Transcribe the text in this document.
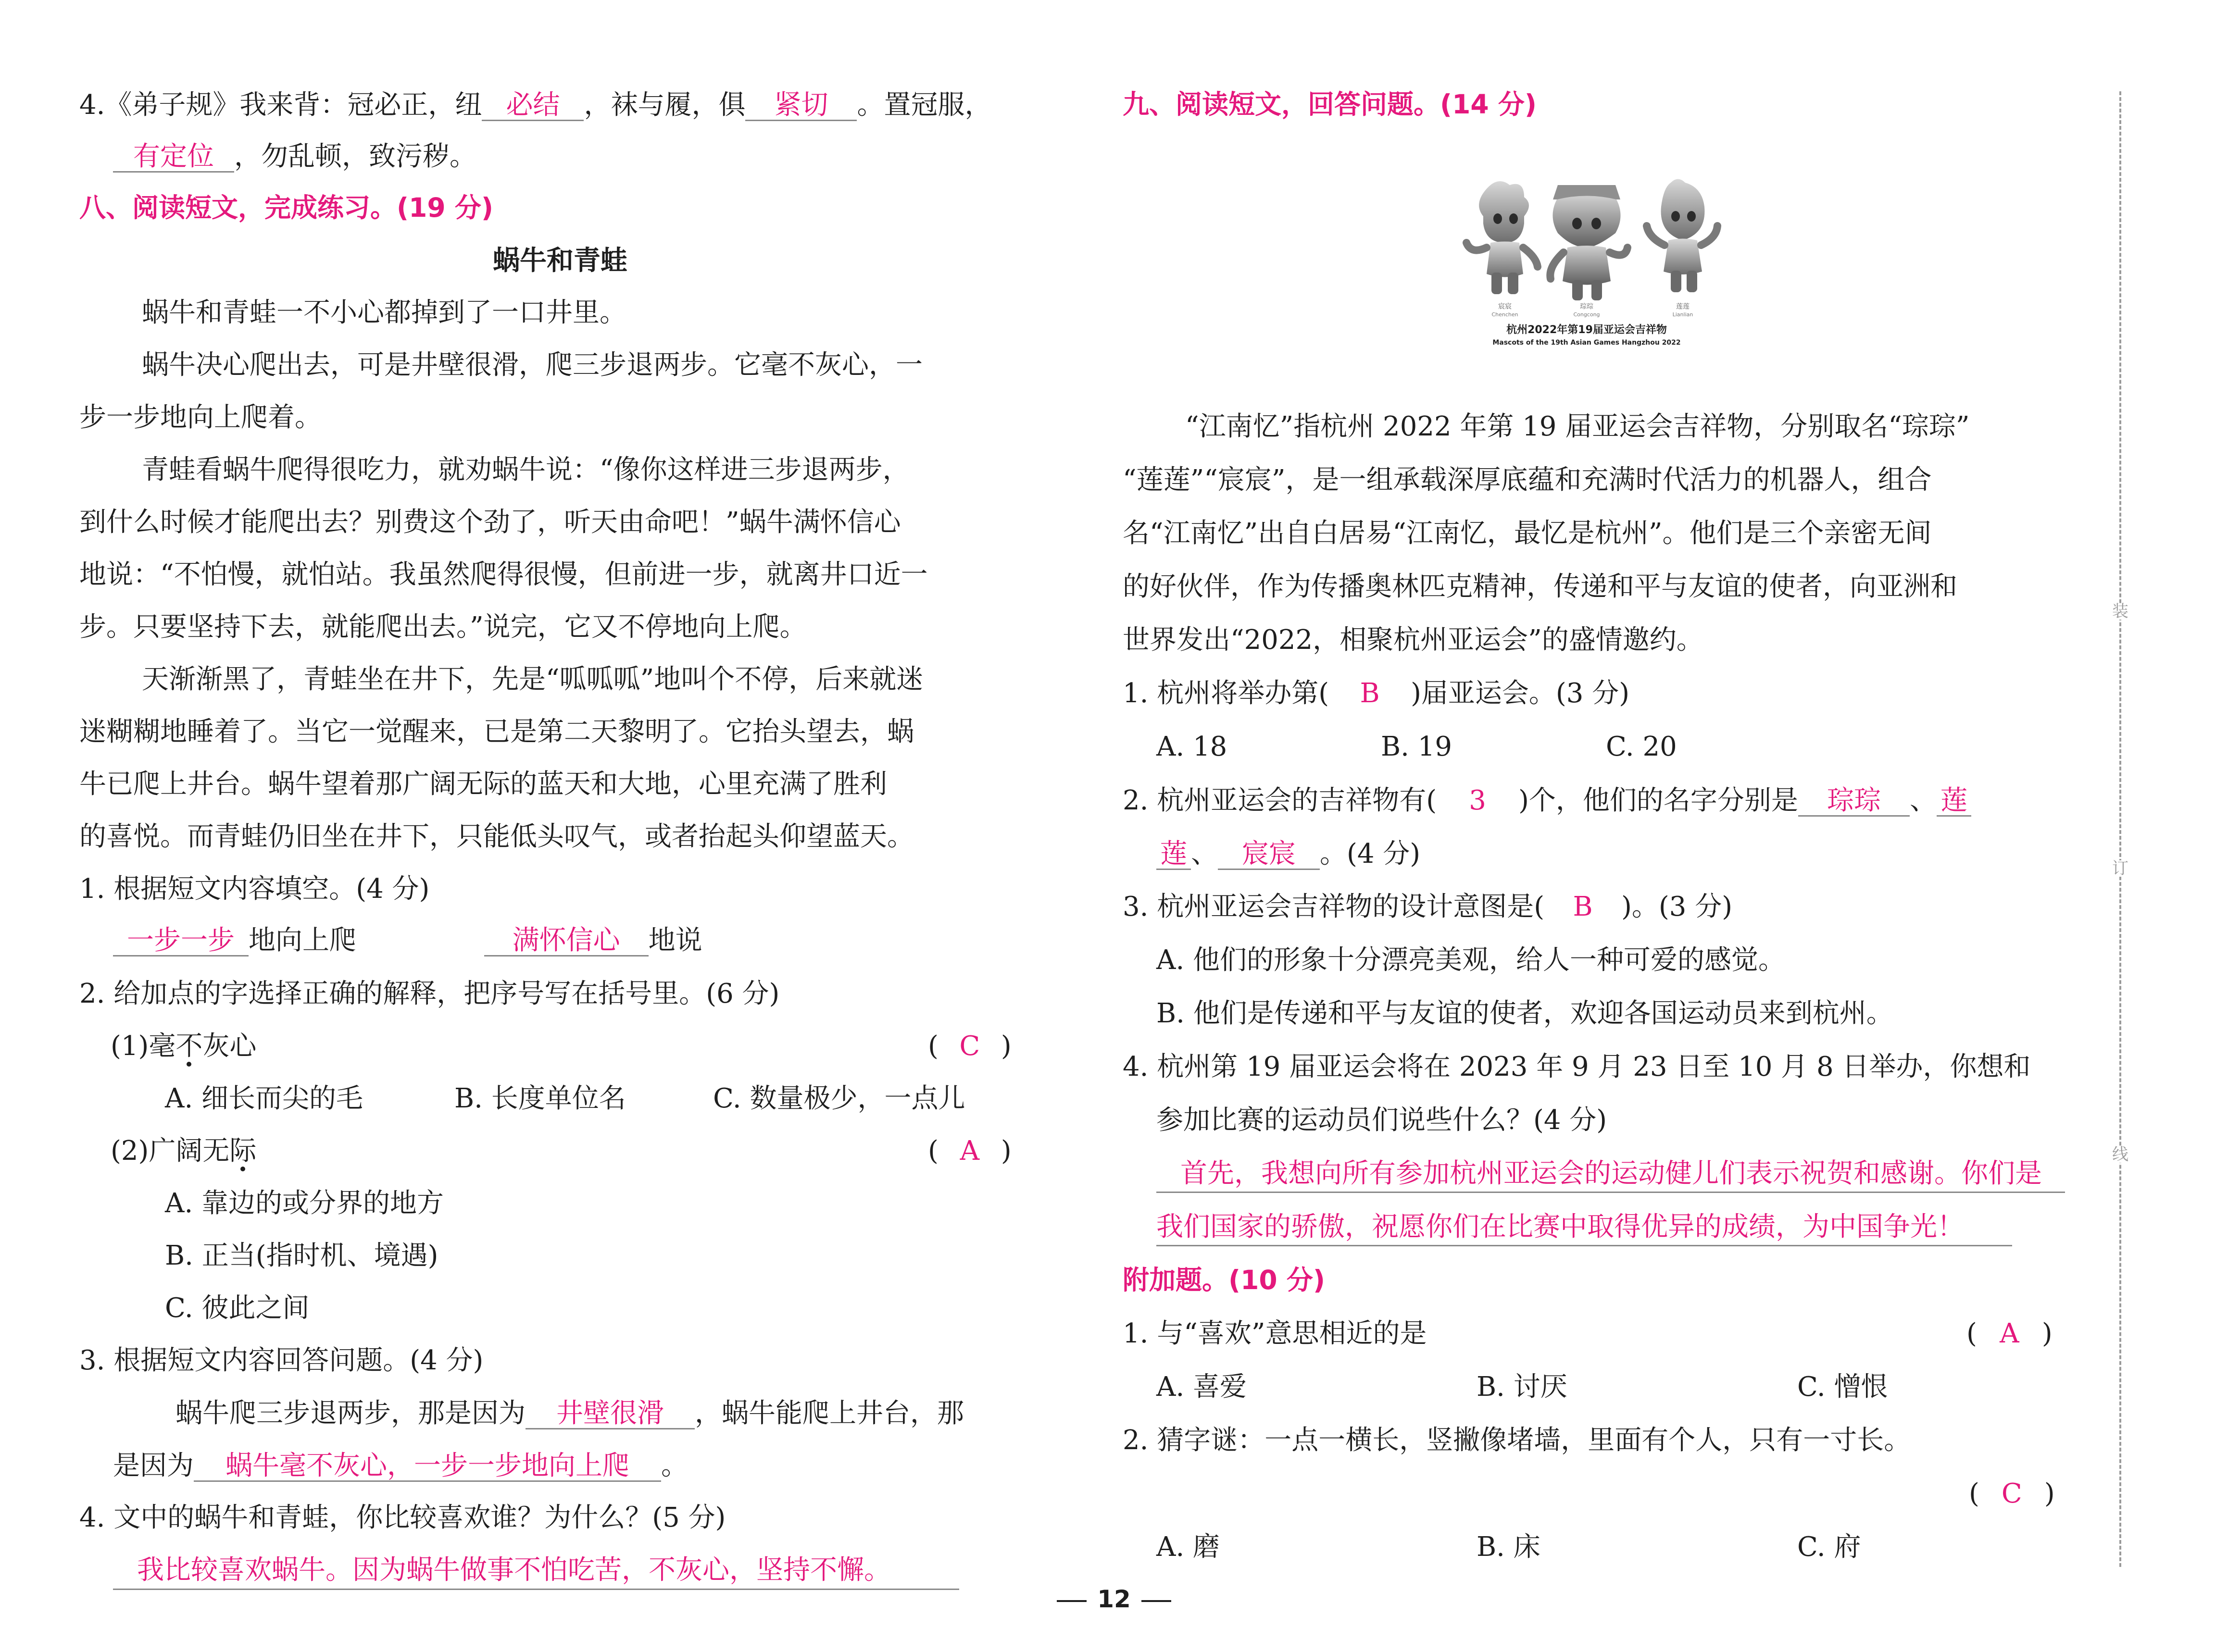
4.《弟子规》我来背：冠必正，纽 必结 ，袜与履，俱 紧切 。置冠服，
有定位 ，勿乱顿，致污秽。
八、阅读短文，完成练习。(19 分)
蜗牛和青蛙
蜗牛和青蛙一不小心都掉到了一口井里。
蜗牛决心爬出去，可是井壁很滑，爬三步退两步。它毫不灰心，一
步一步地向上爬着。
青蛙看蜗牛爬得很吃力，就劝蜗牛说：“像你这样进三步退两步，
到什么时候才能爬出去？别费这个劲了，听天由命吧！”蜗牛满怀信心
地说：“不怕慢，就怕站。我虽然爬得很慢，但前进一步，就离井口近一
步。只要坚持下去，就能爬出去。”说完，它又不停地向上爬。
天渐渐黑了，青蛙坐在井下，先是“呱呱呱”地叫个不停，后来就迷
迷糊糊地睡着了。当它一觉醒来，已是第二天黎明了。它抬头望去，蜗
牛已爬上井台。蜗牛望着那广阔无际的蓝天和大地，心里充满了胜利
的喜悦。而青蛙仍旧坐在井下，只能低头叹气，或者抬起头仰望蓝天。
1. 根据短文内容填空。(4 分)
一步一步 地向上爬	满怀信心 地说
2. 给加点的字选择正确的解释，把序号写在括号里。(6 分)
(1)毫不灰心	( C )
A. 细长而尖的毛	B. 长度单位名	C. 数量极少，一点儿
(2)广阔无际	( A )
A. 靠边的或分界的地方
B. 正当(指时机、境遇)
C. 彼此之间
3. 根据短文内容回答问题。(4 分)
蜗牛爬三步退两步，那是因为 井壁很滑 ，蜗牛能爬上井台，那
是因为 蜗牛毫不灰心，一步一步地向上爬 。
4. 文中的蜗牛和青蛙，你比较喜欢谁？为什么？(5 分)
我比较喜欢蜗牛。因为蜗牛做事不怕吃苦，不灰心，坚持不懈。
九、阅读短文，回答问题。(14 分)
宸宸
Chenchen
琮琮
Congcong
莲莲
Lianlian
杭州2022年第19届亚运会吉祥物
Mascots of the 19th Asian Games Hangzhou 2022
“江南忆”指杭州 2022 年第 19 届亚运会吉祥物，分别取名“琮琮”
“莲莲”“宸宸”，是一组承载深厚底蕴和充满时代活力的机器人，组合
名“江南忆”出自白居易“江南忆，最忆是杭州”。他们是三个亲密无间
的好伙伴，作为传播奥林匹克精神，传递和平与友谊的使者，向亚洲和
世界发出“2022，相聚杭州亚运会”的盛情邀约。
1. 杭州将举办第( B )届亚运会。(3 分)
A. 18	B. 19	C. 20
2. 杭州亚运会的吉祥物有( 3 )个，他们的名字分别是 琮琮 、 莲
莲 、 宸宸 。(4 分)
3. 杭州亚运会吉祥物的设计意图是( B )。(3 分)
A. 他们的形象十分漂亮美观，给人一种可爱的感觉。
B. 他们是传递和平与友谊的使者，欢迎各国运动员来到杭州。
4. 杭州第 19 届亚运会将在 2023 年 9 月 23 日至 10 月 8 日举办，你想和
参加比赛的运动员们说些什么？(4 分)
首先，我想向所有参加杭州亚运会的运动健儿们表示祝贺和感谢。你们是
我们国家的骄傲，祝愿你们在比赛中取得优异的成绩，为中国争光！
附加题。(10 分)
1. 与“喜欢”意思相近的是	( A )
A. 喜爱	B. 讨厌	C. 憎恨
2. 猜字谜：一点一横长，竖撇像堵墙，里面有个人，只有一寸长。
( C )
A. 磨	B. 床	C. 府
装
订
线
12
